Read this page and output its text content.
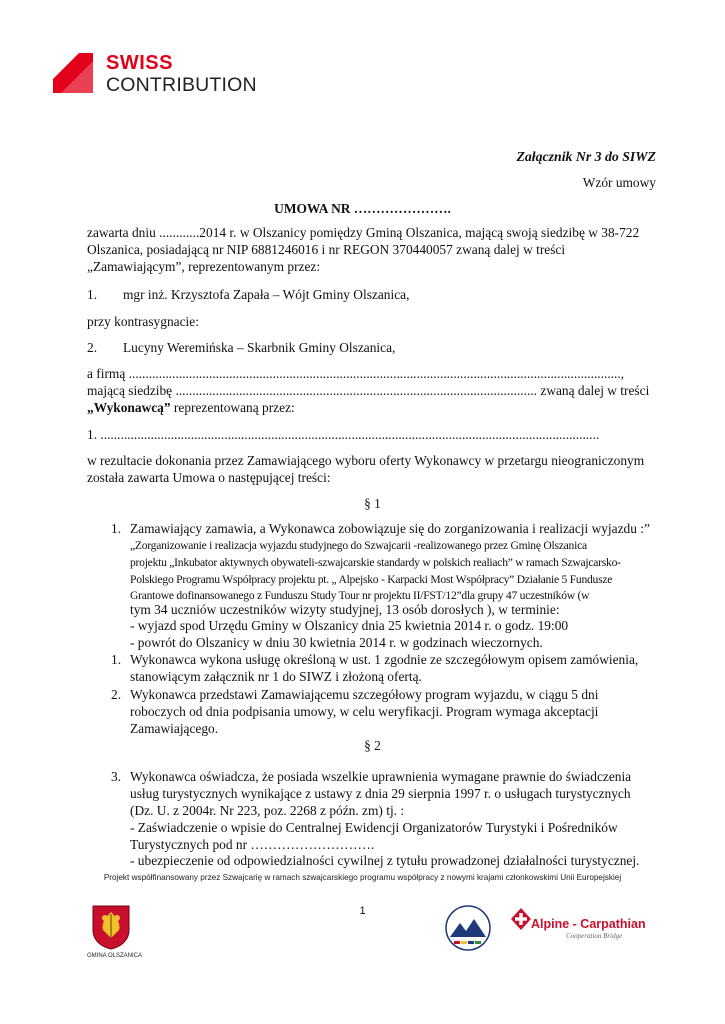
SWISS
CONTRIBUTION
Załącznik Nr 3 do SIWZ
Wzór umowy
UMOWA NR ………………….
zawarta dniu ............2014 r. w Olszanicy pomiędzy Gminą Olszanica, mającą swoją siedzibę w 38-722
Olszanica, posiadającą nr NIP 6881246016 i nr REGON 370440057 zwaną dalej w treści
„Zamawiającym”, reprezentowanym przez:
1. mgr inż. Krzysztofa Zapała – Wójt Gminy Olszanica,
przy kontrasygnacie:
2. Lucyny Weremińska – Skarbnik Gminy Olszanica,
a firmą ...................................................................................................................................................,
mającą siedzibę ............................................................................................................ zwaną dalej w treści
„Wykonawcą” reprezentowaną przez:
1. .....................................................................................................................................................
w rezultacie dokonania przez Zamawiającego wyboru oferty Wykonawcy w przetargu nieograniczonym
została zawarta Umowa o następującej treści:
§ 1
1. Zamawiający zamawia, a Wykonawca zobowiązuje się do zorganizowania i realizacji wyjazdu :”
„Zorganizowanie i realizacja wyjazdu studyjnego do Szwajcarii -realizowanego przez Gminę Olszanica
projektu „Inkubator aktywnych obywateli-szwajcarskie standardy w polskich realiach” w ramach Szwajcarsko-
Polskiego Programu Współpracy projektu pt. „ Alpejsko - Karpacki Most Współpracy” Działanie 5 Fundusze
Grantowe dofinansowanego z Funduszu Study Tour nr projektu II/FST/12”dla grupy 47 uczestników (w
tym 34 uczniów uczestników wizyty studyjnej, 13 osób dorosłych ), w terminie:
- wyjazd spod Urzędu Gminy w Olszanicy dnia 25 kwietnia 2014 r. o godz. 19:00
- powrót do Olszanicy w dniu 30 kwietnia 2014 r. w godzinach wieczornych.
1. Wykonawca wykona usługę określoną w ust. 1 zgodnie ze szczegółowym opisem zamówienia,
stanowiącym załącznik nr 1 do SIWZ i złożoną ofertą.
2. Wykonawca przedstawi Zamawiającemu szczegółowy program wyjazdu, w ciągu 5 dni
roboczych od dnia podpisania umowy, w celu weryfikacji. Program wymaga akceptacji
Zamawiającego.
§ 2
3. Wykonawca oświadcza, że posiada wszelkie uprawnienia wymagane prawnie do świadczenia
usług turystycznych wynikające z ustawy z dnia 29 sierpnia 1997 r. o usługach turystycznych
(Dz. U. z 2004r. Nr 223, poz. 2268 z późn. zm) tj. :
- Zaświadczenie o wpisie do Centralnej Ewidencji Organizatorów Turystyki i Pośredników
Turystycznych pod nr ……………………….
- ubezpieczenie od odpowiedzialności cywilnej z tytułu prowadzonej działalności turystycznej.
Projekt współfinansowany przez Szwajcarię w ramach szwajcarskiego programu współpracy z nowymi krajami członkowskimi Unii Europejskiej
1
GMINA OLSZANICA
Alpine - Carpathian
Cooperation Bridge
